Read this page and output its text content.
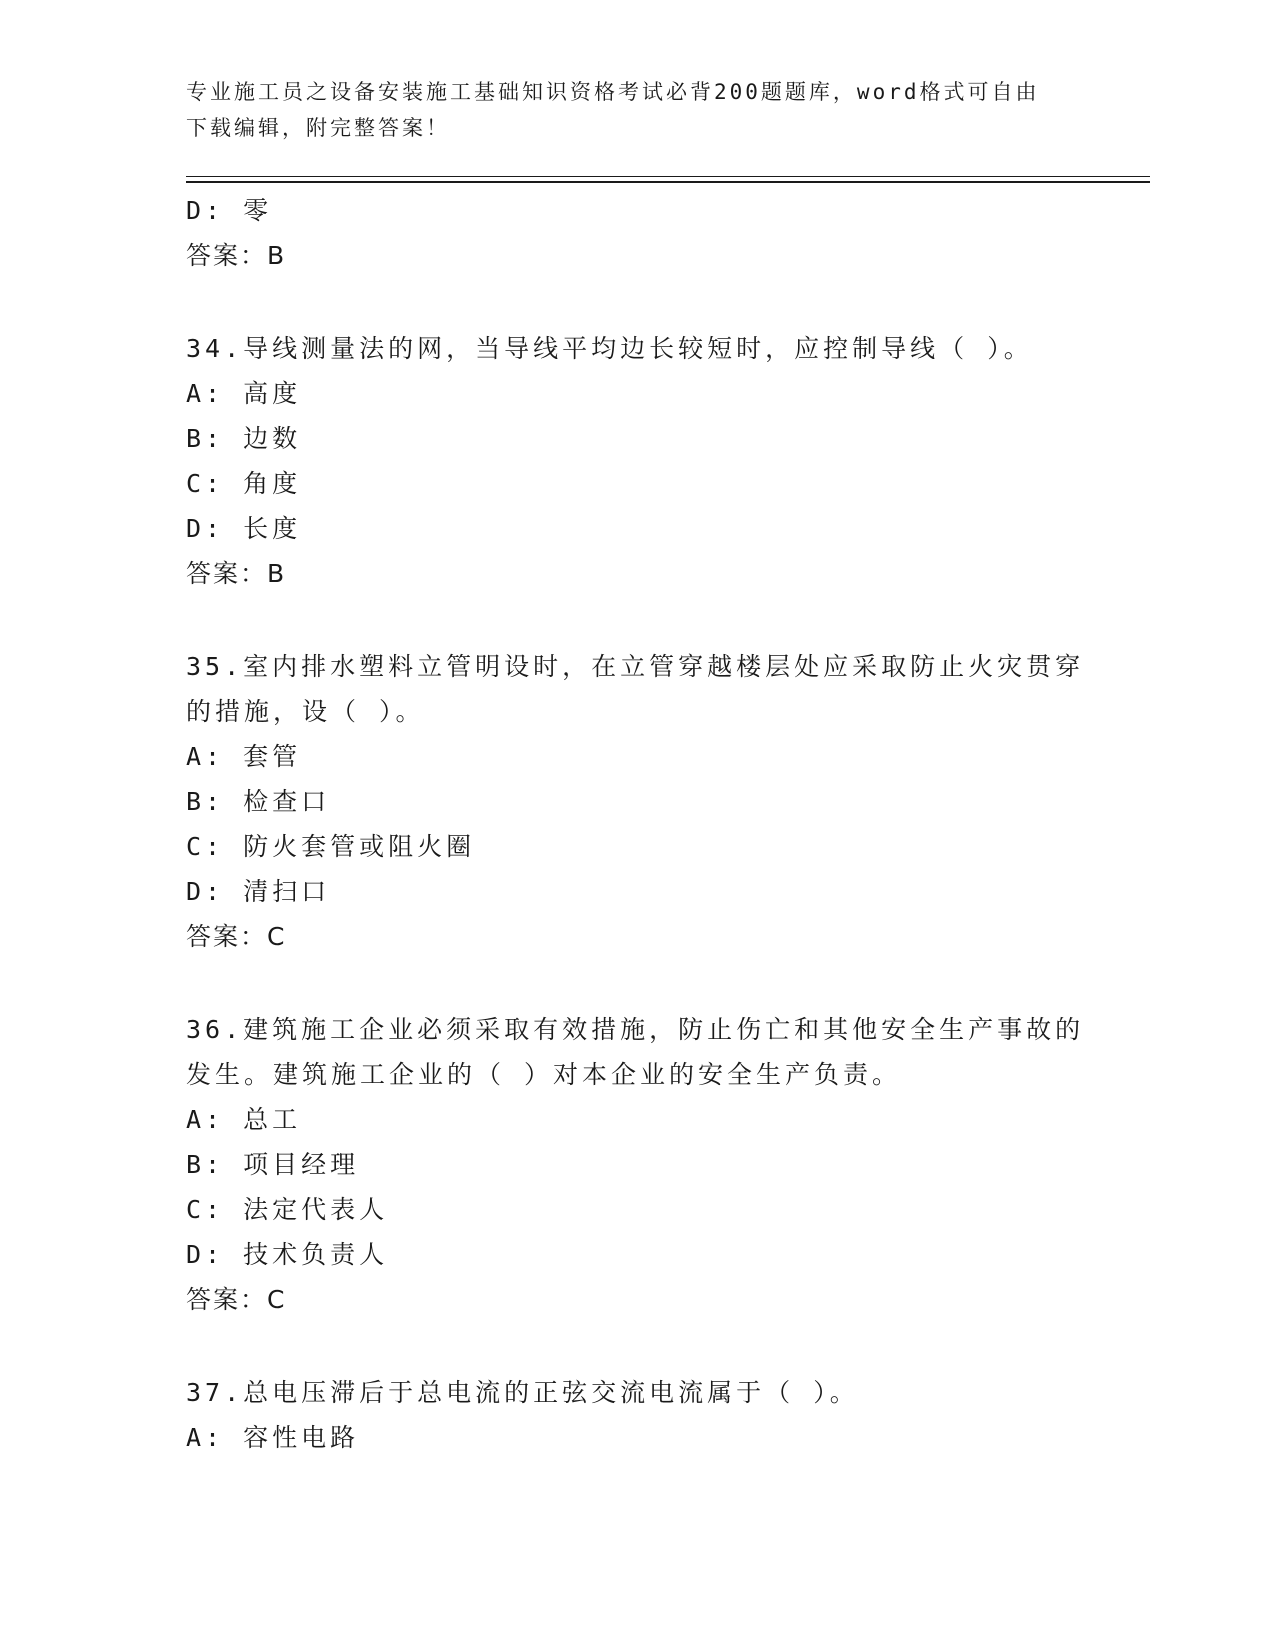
专业施工员之设备安装施工基础知识资格考试必背200题题库，word格式可自由
下载编辑，附完整答案！
D: 零
答案：B
34.导线测量法的网，当导线平均边长较短时，应控制导线（ ）。
A: 高度
B: 边数
C: 角度
D: 长度
答案：B
35.室内排水塑料立管明设时，在立管穿越楼层处应采取防止火灾贯穿
的措施，设（ ）。
A: 套管
B: 检查口
C: 防火套管或阻火圈
D: 清扫口
答案：C
36.建筑施工企业必须采取有效措施，防止伤亡和其他安全生产事故的
发生。建筑施工企业的（ ）对本企业的安全生产负责。
A: 总工
B: 项目经理
C: 法定代表人
D: 技术负责人
答案：C
37.总电压滞后于总电流的正弦交流电流属于（ ）。
A: 容性电路
